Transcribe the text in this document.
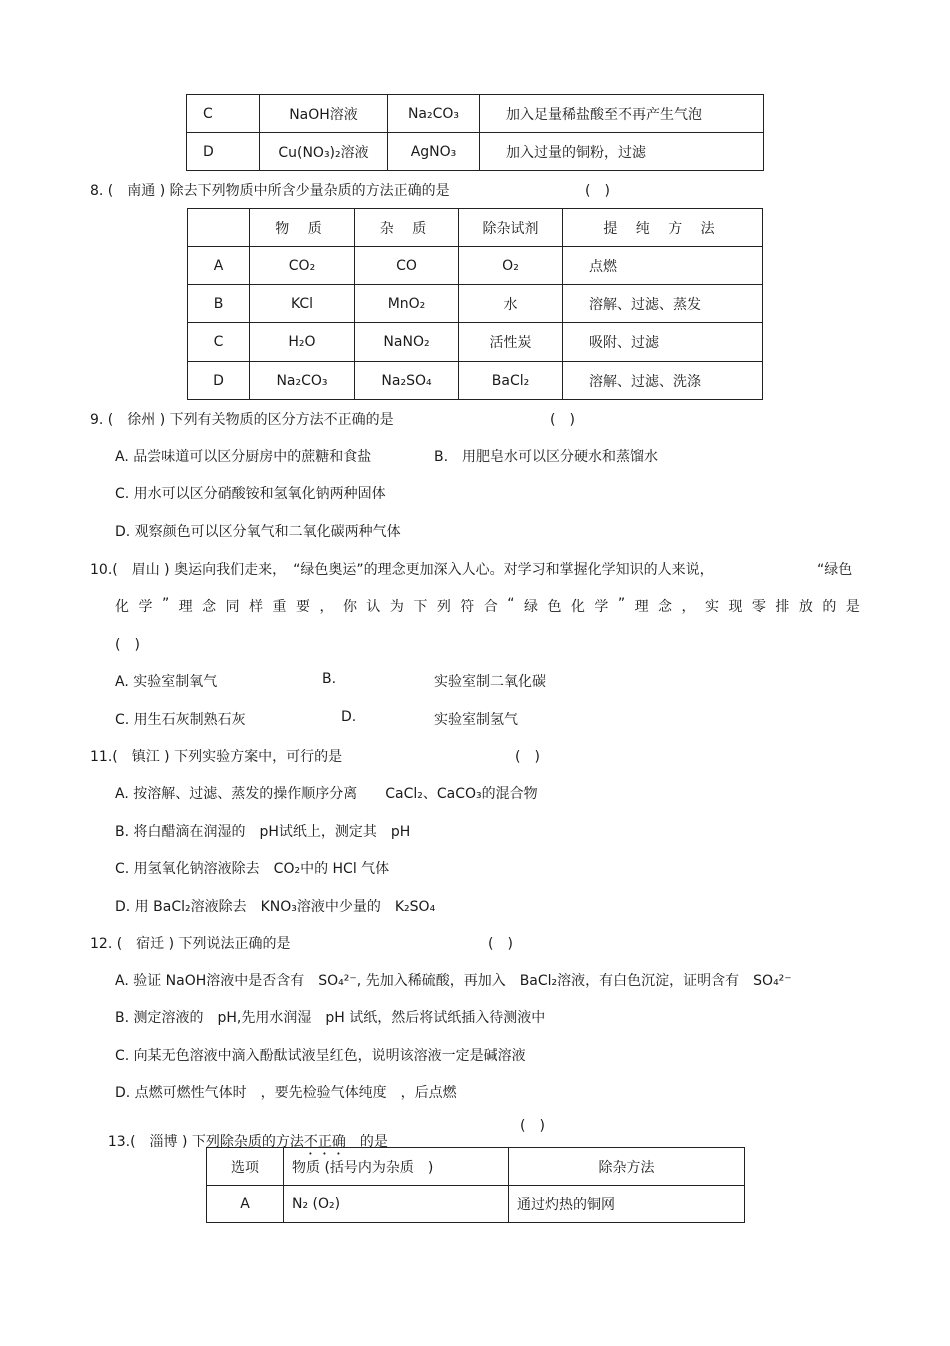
C	NaOH溶液	Na₂CO₃	加入足量稀盐酸至不再产生气泡
D	Cu(NO₃)₂溶液	AgNO₃	加入过量的铜粉，过滤
8. (　南通 ) 除去下列物质中所含少量杂质的方法正确的是	(　)
	物 质	杂 质	除杂试剂	提 纯 方 法
A	CO₂	CO	O₂	点燃
B	KCl	MnO₂	水	溶解、过滤、蒸发
C	H₂O	NaNO₂	活性炭	吸附、过滤
D	Na₂CO₃	Na₂SO₄	BaCl₂	溶解、过滤、洗涤
9. (　徐州 ) 下列有关物质的区分方法不正确的是	(　)
A. 品尝味道可以区分厨房中的蔗糖和食盐	B.　用肥皂水可以区分硬水和蒸馏水
C. 用水可以区分硝酸铵和氢氧化钠两种固体
D. 观察颜色可以区分氧气和二氧化碳两种气体
10.(　眉山 ) 奥运向我们走来，　“绿色奥运”的理念更加深入人心。对学习和掌握化学知识的人来说，	“绿色
化 学 ” 理 念 同 样 重 要 ， 你 认 为 下 列 符 合 “ 绿 色 化 学 ” 理 念 ， 实 现 零 排 放 的 是
(　)
A. 实验室制氧气	B.	实验室制二氧化碳
C. 用生石灰制熟石灰	D.	实验室制氢气
11.(　镇江 ) 下列实验方案中，可行的是	(　)
A. 按溶解、过滤、蒸发的操作顺序分离　　CaCl₂、CaCO₃的混合物
B. 将白醋滴在润湿的　pH试纸上，测定其　pH
C. 用氢氧化钠溶液除去　CO₂中的 HCl 气体
D. 用 BaCl₂溶液除去　KNO₃溶液中少量的　K₂SO₄
12. (　宿迁 ) 下列说法正确的是	(　)
A. 验证 NaOH溶液中是否含有　SO₄²⁻, 先加入稀硫酸，再加入　BaCl₂溶液，有白色沉淀，证明含有　SO₄²⁻
B. 测定溶液的　pH,先用水润湿　pH 试纸，然后将试纸插入待测液中
C. 向某无色溶液中滴入酚酞试液呈红色，说明该溶液一定是碱溶液
D. 点燃可燃性气体时　，要先检验气体纯度　，后点燃

13.(　淄博 ) 下列除杂质的方法不正确　的是

(　)
选项	物质 (括号内为杂质　)	除杂方法
A	N₂ (O₂)	通过灼热的铜网
